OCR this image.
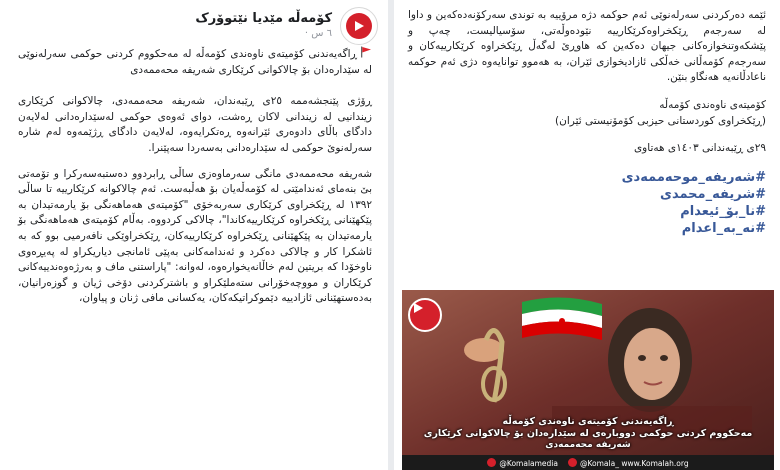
کۆمەڵە مێدیا نێتوۆرک
٦ س ·

ڕاگەیەندنی کۆمیتەی ناوەندی کۆمەڵە لە مەحکووم کردنی حوکمی سەرلەنوێی لە سێدارەدان بۆ چالاکوانی کرێکاری شەریفە محەممەدی

ڕۆژی پێنجشەممە ٢٥ی ڕێبەندان، شەریفە محەممەدی، چالاکوانی کرێکاری زیندانیی لە زیندانی لاکان ڕەشت، دوای ئەوەی حوکمی لەسێدارەدانی لەلایەن دادگای باڵای دادوەری ئێرانەوە ڕەتکرایەوە، لەلایەن دادگای ڕژێمەوە لەم شارە سەرلەنوێ حوکمی لە سێدارەدانی بەسەردا سەپێنرا.

شەریفە محەممەدی مانگی سەرماوەزی ساڵی ڕابردوو دەستبەسەرکرا و تۆمەتی بێ بنەمای ئەندامێتی لە کۆمەڵەیان بۆ هەڵبەست. ئەم چالاکوانە کرێکارییە تا ساڵی ١٣٩٢ لە ڕێکخراوی کرێکاری سەربەخۆی "کۆمیتەی هەماهەنگی بۆ یارمەتیدان بە پێکهێنانی ڕێکخراوە کرێکارییەکاندا"، چالاکی کردووە. بەڵام کۆمیتەی هەماهەنگی بۆ یارمەتیدان بە پێکهێنانی ڕێکخراوە کرێکارییەکان، ڕێکخراوێکی نافەرمیی بوو کە بە ئاشکرا کار و چالاکی دەکرد و ئەندامەکانی بەپێی ئامانجی دیاریکراو لە پەیڕەوی ناوخۆدا کە بریتین لەم خاڵانەیخوارەوە، لەوانە: "پاراستنی ماف و بەرژەوەندییەکانی کرێکاران و مووچەخۆرانی ستەملێکراو و باشترکردنی دۆخی ژیان و گوزەرانیان، بەدەستهێنانی ئازادییە دێموکراتیکەکان، یەکسانی مافی ژنان و پیاوان،

ئێمە دەرکردنی سەرلەنوێی ئەم حوکمە دژە مرۆییە بە توندی سەرکۆنەدەکەین و داوا لە سەرجەم ڕێکخراوەکرێکارییە نێودەوڵەتی، سۆسیالیست، چەپ و پێشکەوتنخوازەکانی جیهان دەکەین کە هاوڕێ لەگەڵ ڕێکخراوە کرێکارییەکان و سەرجەم کۆمەڵانی خەڵکی ئازادیخوازی ئێران، بە هەموو توانایەوە دژی ئەم حوکمە ناعادڵانەیە هەنگاو بنێن.

کۆمیتەی ناوەندی کۆمەڵە

(ڕێکخراوی کوردستانی حیزبی کۆمۆنیستی ئێران)

٢٩ی ڕێبەندانی ١٤٠٣ی هەتاوی

#شەریفە_موحەممەدی
#شریفه_محمدی
#نا_بۆ_ئیعدام
#نه_به_اعدام
ڕاگەیەندنی کۆمیتەی ناوەندی کۆمەڵە
مەحکووم کردنی حوکمی دووبارەی لە سێدارەدان بۆ چالاکوانی کرێکاری
شەریفە محەممەدی
@Komalamedia	@Komala_ www.Komalah.org
